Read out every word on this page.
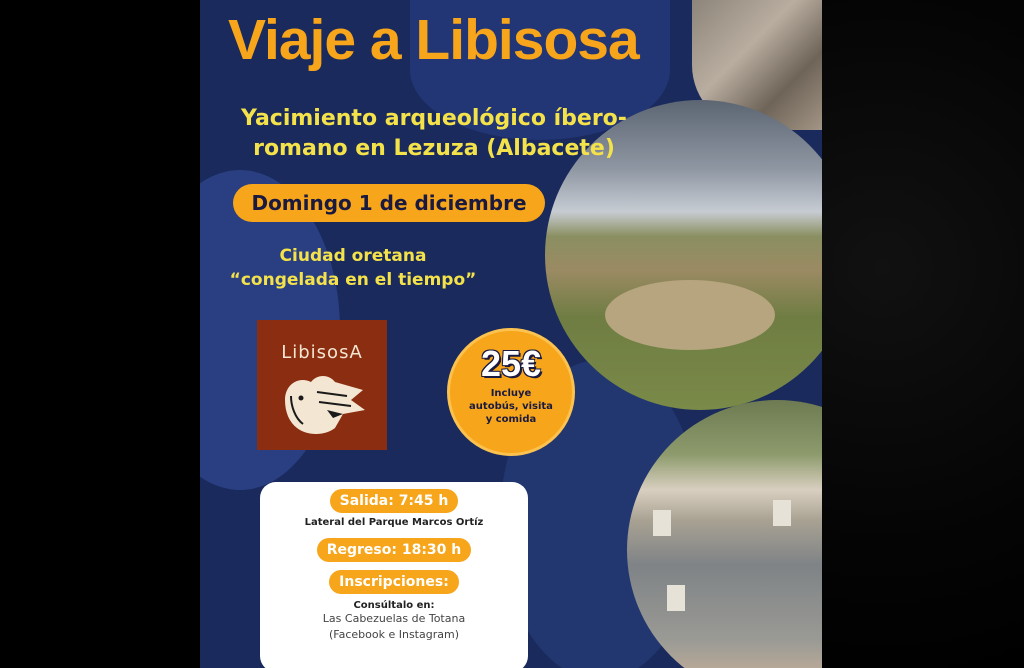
Viaje a Libisosa
Yacimiento arqueológico íbero-
romano en Lezuza (Albacete)
Domingo 1 de diciembre
Ciudad oretana
“congelada en el tiempo”
LibisosA	25€
Incluye
autobús, visita
y comida
Salida: 7:45 h
Lateral del Parque Marcos Ortíz
Regreso: 18:30 h
Inscripciones:
Consúltalo en:
Las Cabezuelas de Totana
(Facebook e Instagram)
